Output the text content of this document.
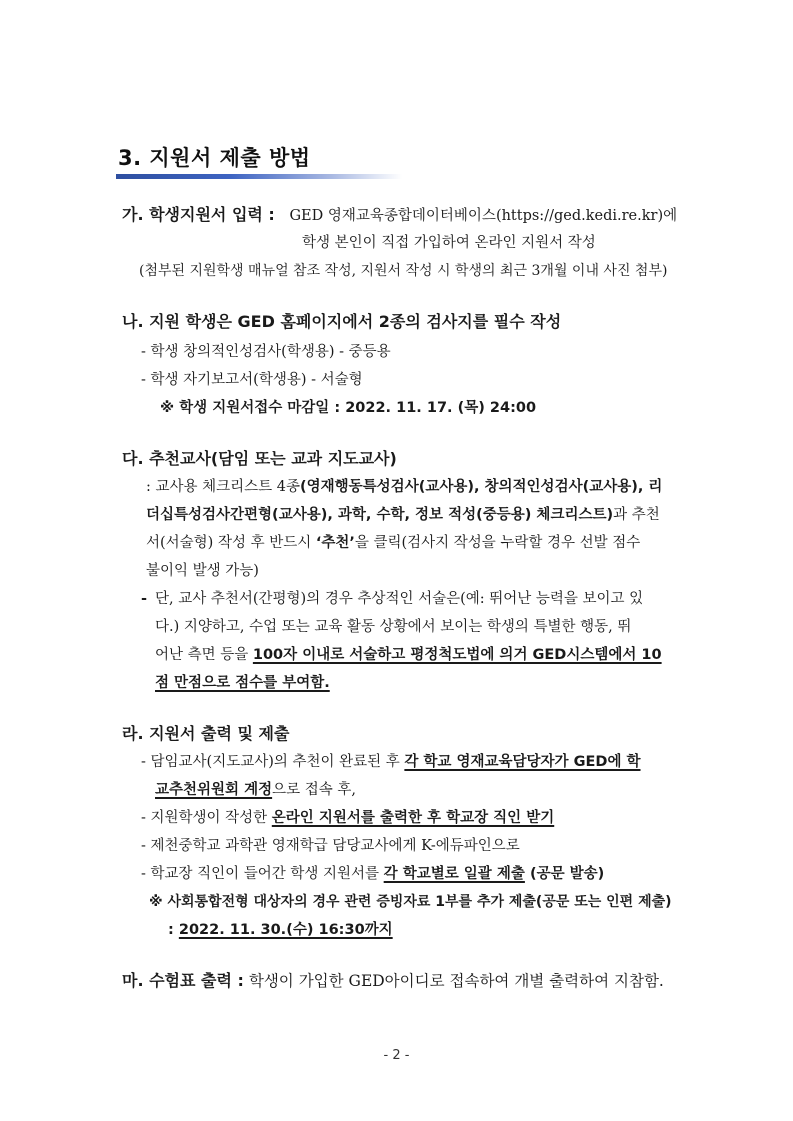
3. 지원서 제출 방법
가. 학생지원서 입력 : GED 영재교육종합데이터베이스(https://ged.kedi.re.kr)에
학생 본인이 직접 가입하여 온라인 지원서 작성
(첨부된 지원학생 매뉴얼 참조 작성, 지원서 작성 시 학생의 최근 3개월 이내 사진 첨부)
나. 지원 학생은 GED 홈페이지에서 2종의 검사지를 필수 작성
- 학생 창의적인성검사(학생용) - 중등용
- 학생 자기보고서(학생용) - 서술형
※ 학생 지원서접수 마감일 : 2022. 11. 17. (목) 24:00
다. 추천교사(담임 또는 교과 지도교사)
: 교사용 체크리스트 4종(영재행동특성검사(교사용), 창의적인성검사(교사용), 리
더십특성검사간편형(교사용), 과학, 수학, 정보 적성(중등용) 체크리스트)과 추천
서(서술형) 작성 후 반드시 ‘추천’을 클릭(검사지 작성을 누락할 경우 선발 점수
불이익 발생 가능)
- 단, 교사 추천서(간평형)의 경우 추상적인 서술은(예: 뛰어난 능력을 보이고 있
다.) 지양하고, 수업 또는 교육 활동 상황에서 보이는 학생의 특별한 행동, 뛰
어난 측면 등을 100자 이내로 서술하고 평정척도법에 의거 GED시스템에서 10
점 만점으로 점수를 부여함.
라. 지원서 출력 및 제출
- 담임교사(지도교사)의 추천이 완료된 후 각 학교 영재교육담당자가 GED에 학
교추천위원회 계정으로 접속 후,
- 지원학생이 작성한 온라인 지원서를 출력한 후 학교장 직인 받기
- 제천중학교 과학관 영재학급 담당교사에게 K-에듀파인으로
- 학교장 직인이 들어간 학생 지원서를 각 학교별로 일괄 제출 (공문 발송)
※ 사회통합전형 대상자의 경우 관련 증빙자료 1부를 추가 제출(공문 또는 인편 제출)
: 2022. 11. 30.(수) 16:30까지
마. 수험표 출력 : 학생이 가입한 GED아이디로 접속하여 개별 출력하여 지참함.
- 2 -
